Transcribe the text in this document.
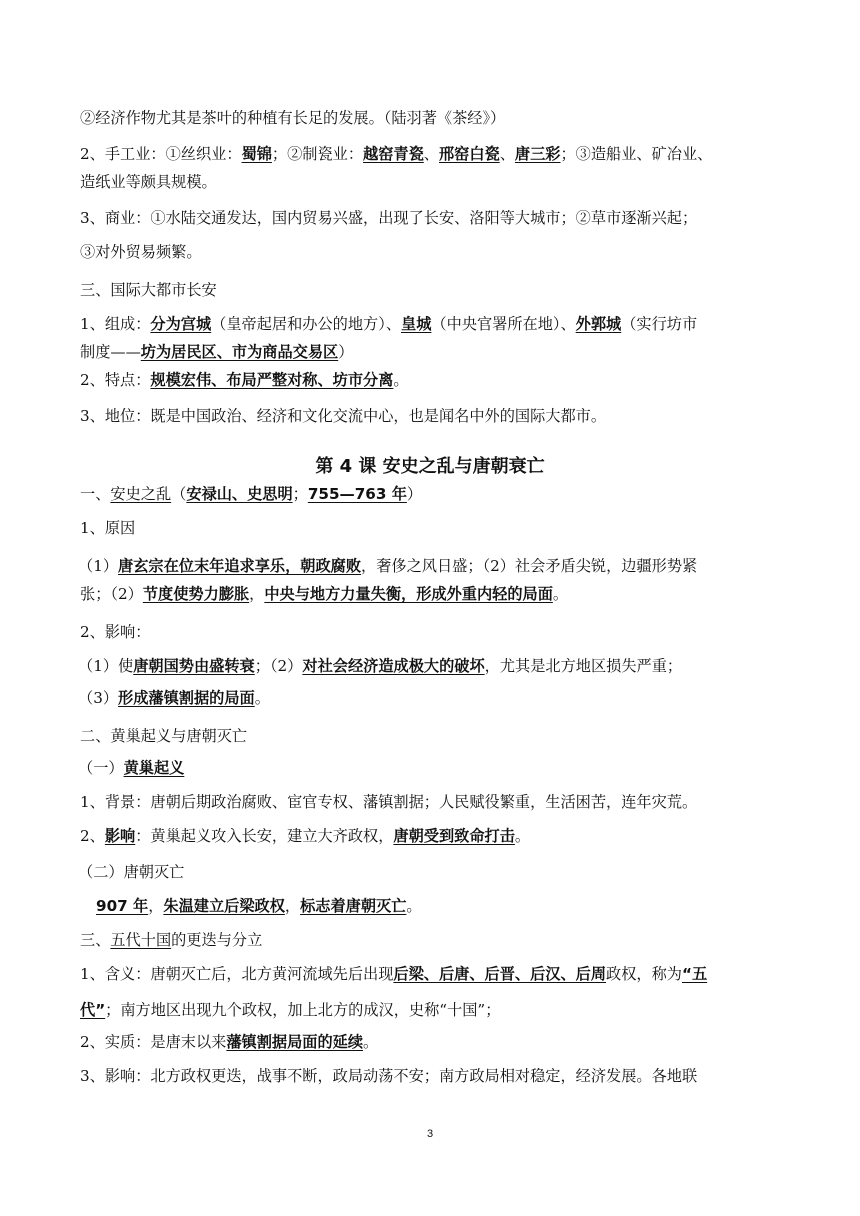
②经济作物尤其是茶叶的种植有长足的发展。（陆羽著《茶经》）
2、手工业：①丝织业：蜀锦；②制瓷业：越窑青瓷、邢窑白瓷、唐三彩；③造船业、矿冶业、
造纸业等颇具规模。
3、商业：①水陆交通发达，国内贸易兴盛，出现了长安、洛阳等大城市；②草市逐渐兴起；
③对外贸易频繁。
三、国际大都市长安
1、组成：分为宫城（皇帝起居和办公的地方）、皇城（中央官署所在地）、外郭城（实行坊市
制度——坊为居民区、市为商品交易区）
2、特点：规模宏伟、布局严整对称、坊市分离。
3、地位：既是中国政治、经济和文化交流中心，也是闻名中外的国际大都市。
一、安史之乱（安禄山、史思明；755—763 年）
1、原因
（1）唐玄宗在位末年追求享乐，朝政腐败，奢侈之风日盛；（2）社会矛盾尖锐，边疆形势紧
张；（2）节度使势力膨胀，中央与地方力量失衡，形成外重内轻的局面。
2、影响：
（1）使唐朝国势由盛转衰；（2）对社会经济造成极大的破坏，尤其是北方地区损失严重；
（3）形成藩镇割据的局面。
二、黄巢起义与唐朝灭亡
（一）黄巢起义
1、背景：唐朝后期政治腐败、宦官专权、藩镇割据；人民赋役繁重，生活困苦，连年灾荒。
2、影响：黄巢起义攻入长安，建立大齐政权，唐朝受到致命打击。
（二）唐朝灭亡
907 年，朱温建立后梁政权，标志着唐朝灭亡。
三、五代十国的更迭与分立
1、含义：唐朝灭亡后，北方黄河流域先后出现后梁、后唐、后晋、后汉、后周政权，称为“五
代”；南方地区出现九个政权，加上北方的成汉，史称“十国”；
2、实质：是唐末以来藩镇割据局面的延续。
3、影响：北方政权更迭，战事不断，政局动荡不安；南方政局相对稳定，经济发展。各地联
第 4 课 安史之乱与唐朝衰亡
3
